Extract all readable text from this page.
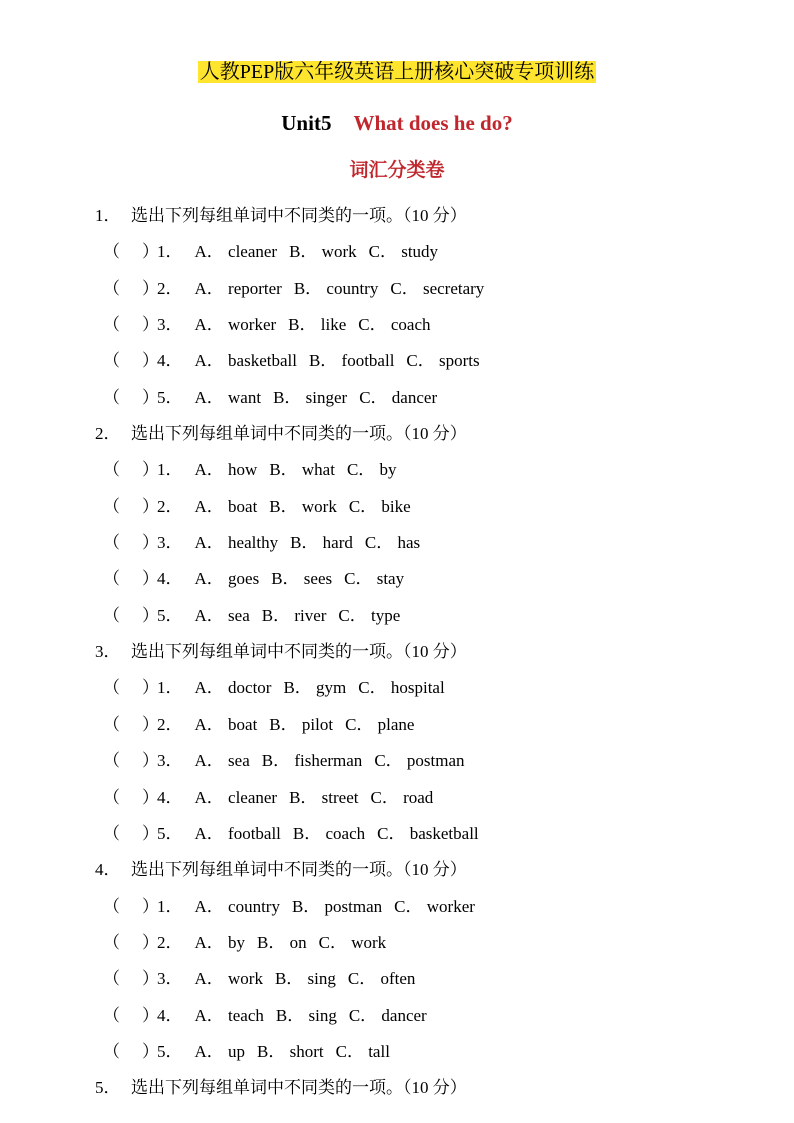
人教PEP版六年级英语上册核心突破专项训练
Unit5 What does he do?
词汇分类卷
1． 选出下列每组单词中不同类的一项。（10 分）
（ ）
1． A． cleaner B． work C． study
（ ）
2． A． reporter B． country C． secretary
（ ）
3． A． worker B． like C． coach
（ ）
4． A． basketball B． football C． sports
（ ）
5． A． want B． singer C． dancer
2． 选出下列每组单词中不同类的一项。（10 分）
（ ）
1． A． how B． what C． by
（ ）
2． A． boat B． work C． bike
（ ）
3． A． healthy B． hard C． has
（ ）
4． A． goes B． sees C． stay
（ ）
5． A． sea B． river C． type
3． 选出下列每组单词中不同类的一项。（10 分）
（ ）
1． A． doctor B． gym C． hospital
（ ）
2． A． boat B． pilot C． plane
（ ）
3． A． sea B． fisherman C． postman
（ ）
4． A． cleaner B． street C． road
（ ）
5． A． football B． coach C． basketball
4． 选出下列每组单词中不同类的一项。（10 分）
（ ）
1． A． country B． postman C． worker
（ ）
2． A． by B． on C． work
（ ）
3． A． work B． sing C． often
（ ）
4． A． teach B． sing C． dancer
（ ）
5． A． up B． short C． tall
5． 选出下列每组单词中不同类的一项。（10 分）
